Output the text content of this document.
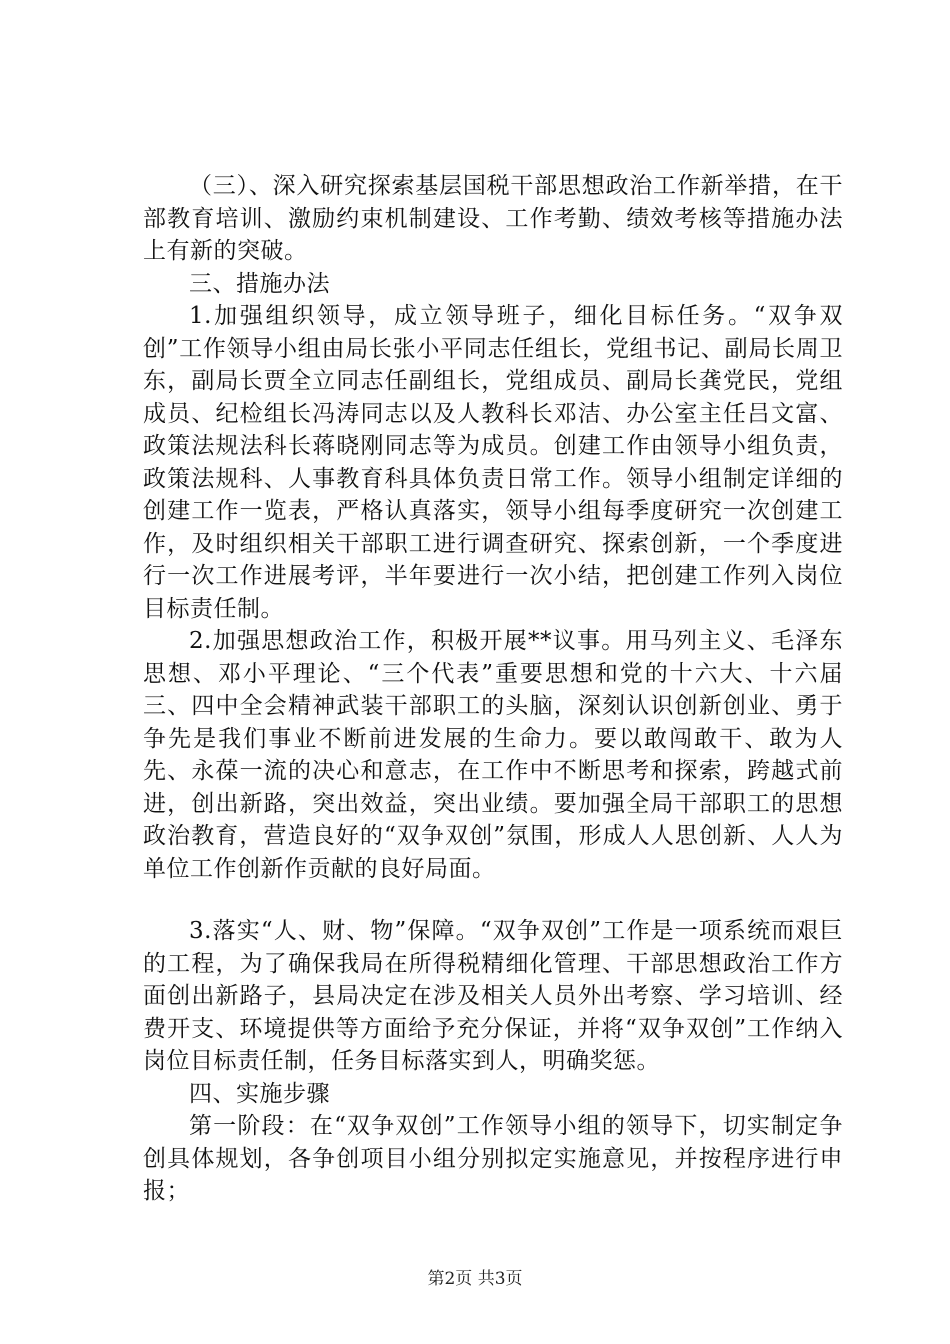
（三）、深入研究探索基层国税干部思想政治工作新举措，在干部教育培训、激励约束机制建设、工作考勤、绩效考核等措施办法上有新的突破。

三、措施办法

1.加强组织领导，成立领导班子，细化目标任务。“双争双创”工作领导小组由局长张小平同志任组长，党组书记、副局长周卫东，副局长贾全立同志任副组长，党组成员、副局长龚党民，党组成员、纪检组长冯涛同志以及人教科长邓洁、办公室主任吕文富、政策法规法科长蒋晓刚同志等为成员。创建工作由领导小组负责，政策法规科、人事教育科具体负责日常工作。领导小组制定详细的创建工作一览表，严格认真落实，领导小组每季度研究一次创建工作，及时组织相关干部职工进行调查研究、探索创新，一个季度进行一次工作进展考评，半年要进行一次小结，把创建工作列入岗位目标责任制。

2.加强思想政治工作，积极开展**议事。用马列主义、毛泽东思想、邓小平理论、“三个代表”重要思想和党的十六大、十六届三、四中全会精神武装干部职工的头脑，深刻认识创新创业、勇于争先是我们事业不断前进发展的生命力。要以敢闯敢干、敢为人先、永葆一流的决心和意志，在工作中不断思考和探索，跨越式前进，创出新路，突出效益，突出业绩。要加强全局干部职工的思想政治教育，营造良好的“双争双创”氛围，形成人人思创新、人人为单位工作创新作贡献的良好局面。

3.落实“人、财、物”保障。“双争双创”工作是一项系统而艰巨的工程，为了确保我局在所得税精细化管理、干部思想政治工作方面创出新路子，县局决定在涉及相关人员外出考察、学习培训、经费开支、环境提供等方面给予充分保证，并将“双争双创”工作纳入岗位目标责任制，任务目标落实到人，明确奖惩。

四、实施步骤

第一阶段：在“双争双创”工作领导小组的领导下，切实制定争创具体规划，各争创项目小组分别拟定实施意见，并按程序进行申报；

第2页 共3页
